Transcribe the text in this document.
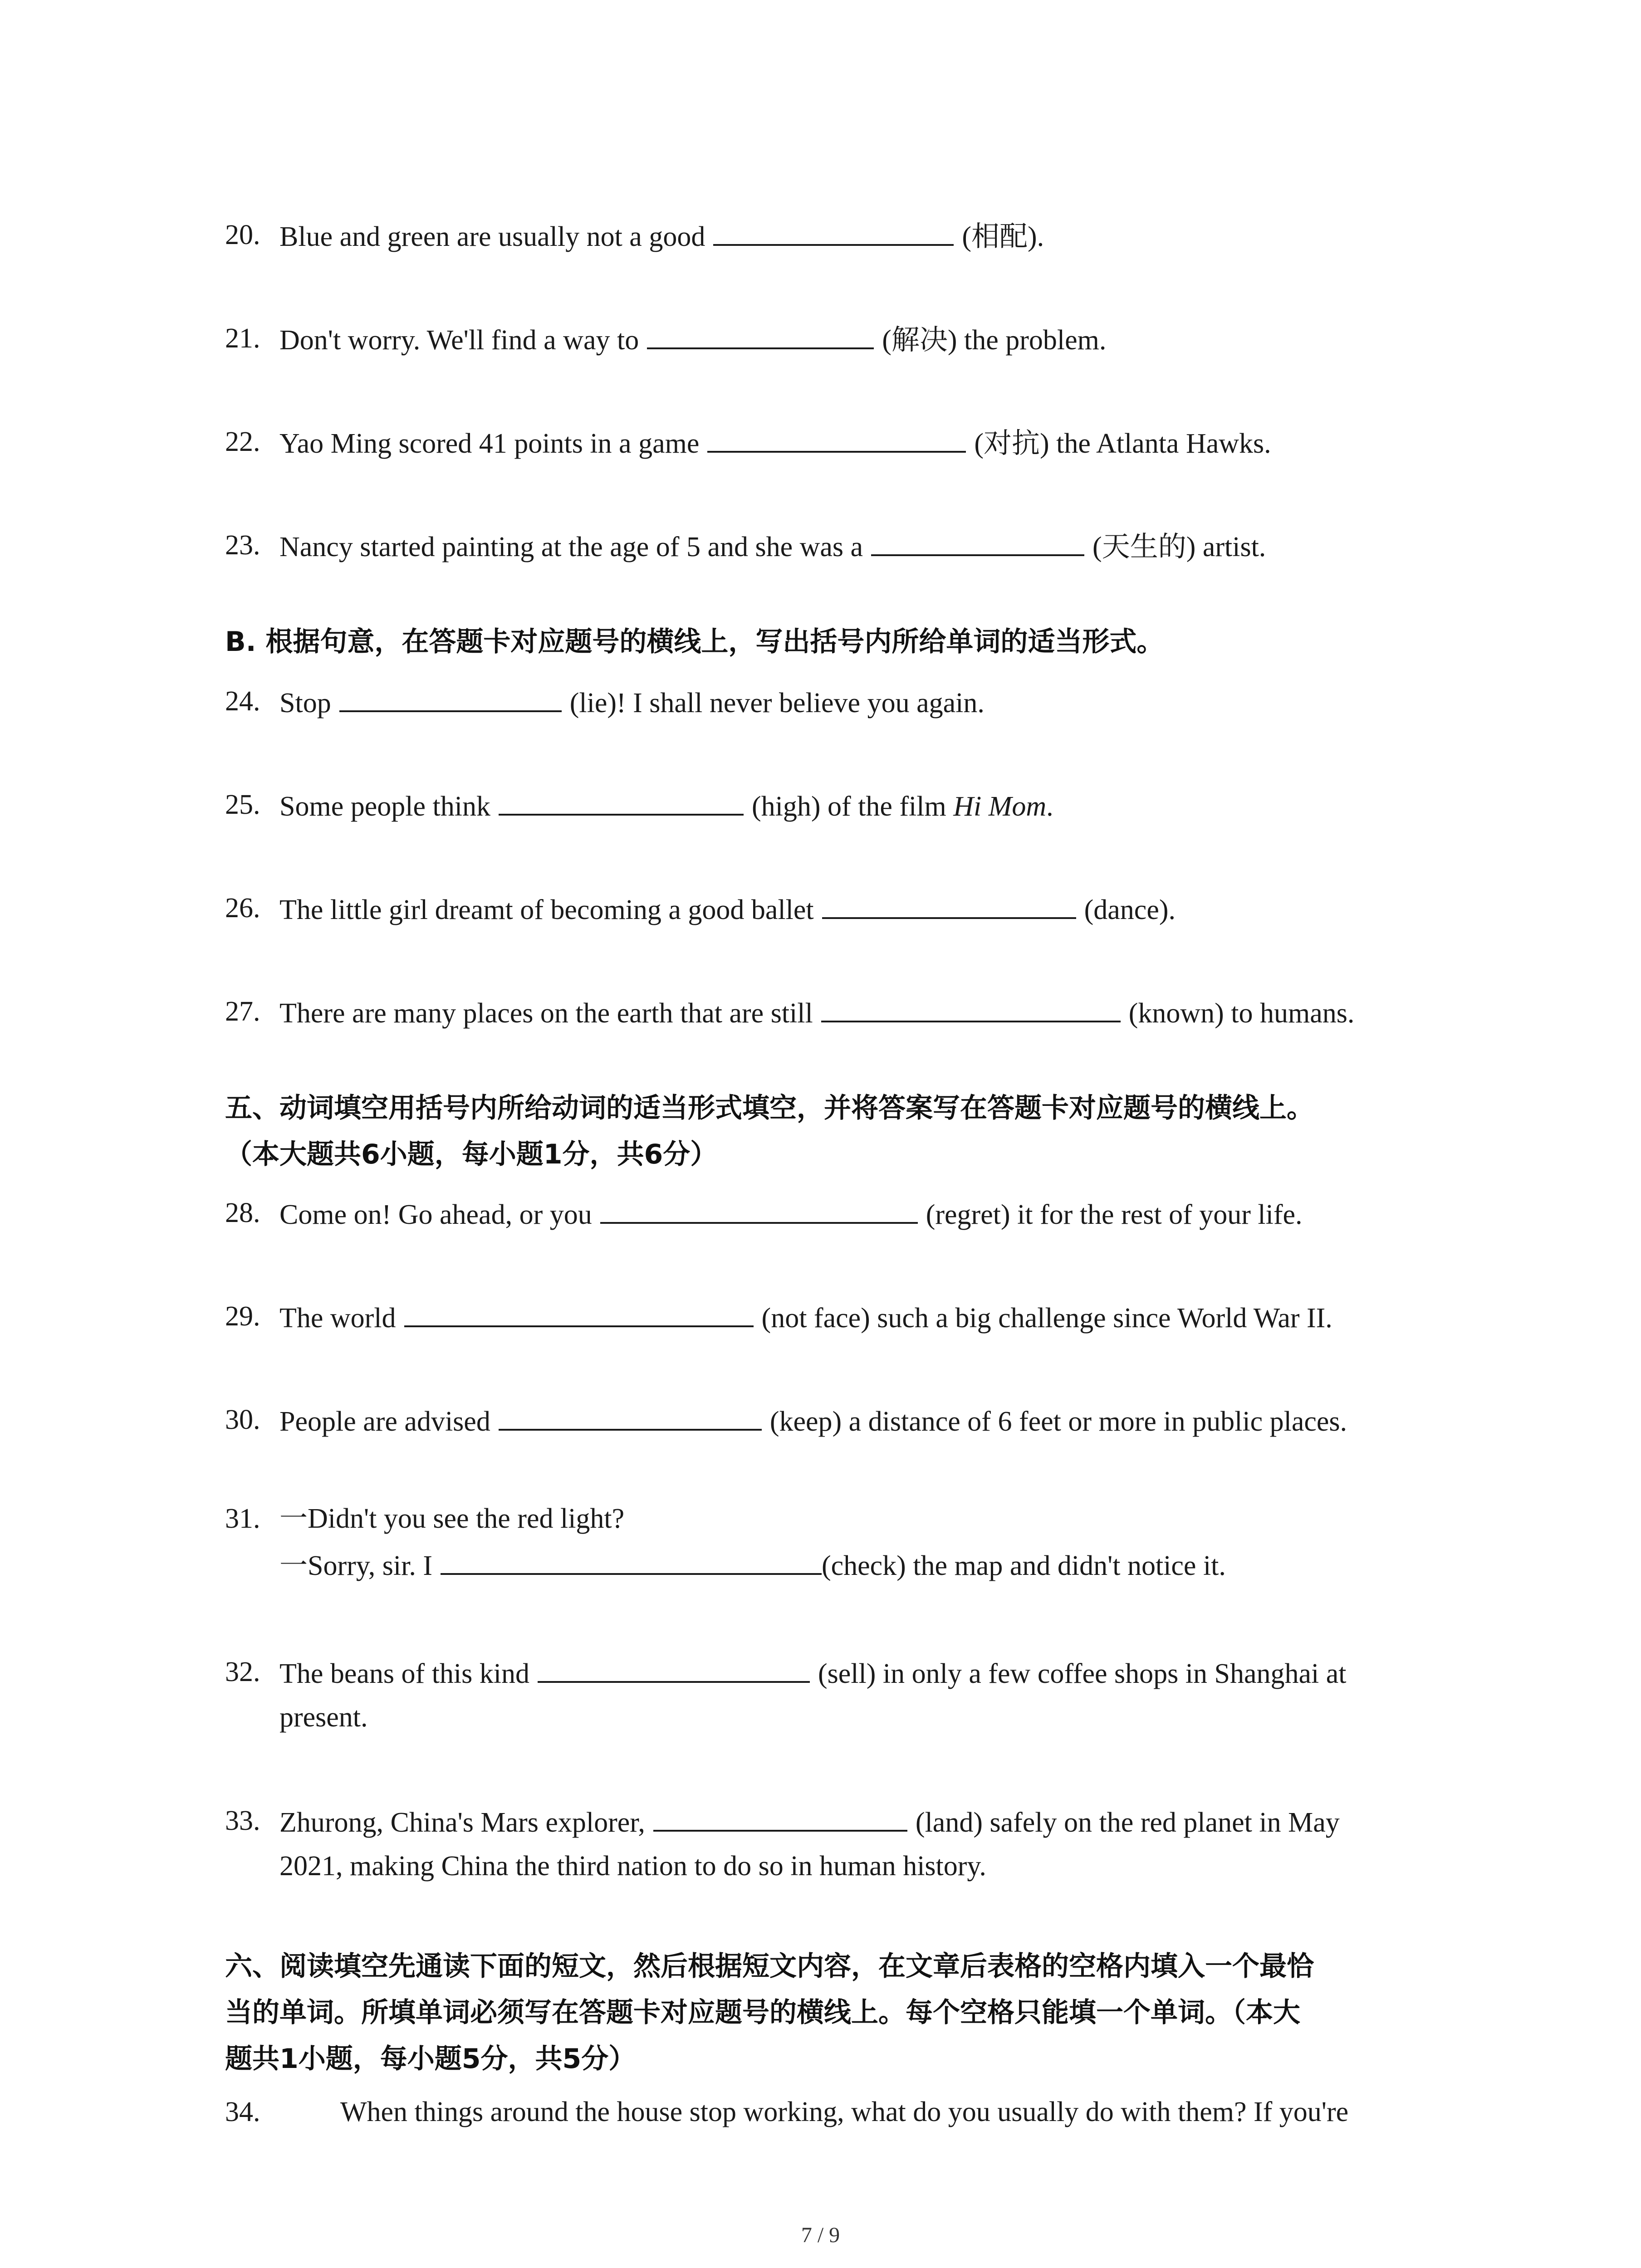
20. Blue and green are usually not a good	(相配).
21. Don't worry. We'll find a way to	(解决) the problem.
22. Yao Ming scored 41 points in a game	(对抗) the Atlanta Hawks.
23. Nancy started painting at the age of 5 and she was a	(天生的) artist.
B. 根据句意，在答题卡对应题号的横线上，写出括号内所给单词的适当形式。
24. Stop	(lie)! I shall never believe you again.
25. Some people think	(high) of the film Hi Mom.
26. The little girl dreamt of becoming a good ballet	(dance).
27. There are many places on the earth that are still	(known) to humans.
五、动词填空用括号内所给动词的适当形式填空，并将答案写在答题卡对应题号的横线上。
（本大题共6小题，每小题1分，共6分）
28. Come on! Go ahead, or you	(regret) it for the rest of your life.
29. The world	(not face) such a big challenge since World War II.
30. People are advised	(keep) a distance of 6 feet or more in public places.
31. 一Didn't you see the red light?
一Sorry, sir. I	(check) the map and didn't notice it.
32. The beans of this kind	(sell) in only a few coffee shops in Shanghai at
present.
33. Zhurong, China's Mars explorer,	(land) safely on the red planet in May
2021, making China the third nation to do so in human history.
六、阅读填空先通读下面的短文，然后根据短文内容，在文章后表格的空格内填入一个最恰
当的单词。所填单词必须写在答题卡对应题号的横线上。每个空格只能填一个单词。（本大
题共1小题，每小题5分，共5分）
34.	When things around the house stop working, what do you usually do with them? If you're
7 / 9
